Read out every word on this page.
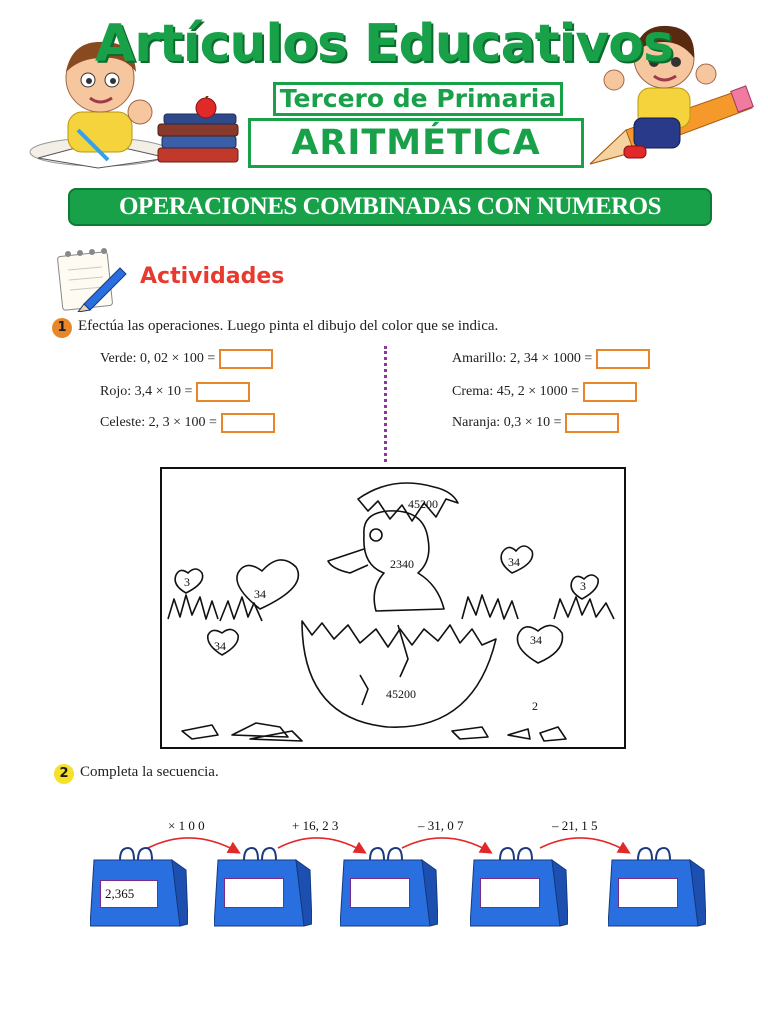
Artículos Educativos
Tercero de Primaria
ARITMÉTICA
OPERACIONES COMBINADAS CON NUMEROS DECIMALES
Actividades
1 Efectúa las operaciones. Luego pinta el dibujo del color que se indica.
Verde: 0, 02 × 100 =
Rojo: 3,4 × 10 =
Celeste: 2, 3 × 100 =
Amarillo: 2, 34 × 1000 =
Crema: 45, 2 × 1000 =
Naranja: 0,3 × 10 =
45200
2340
45200
34
3
34
34
3
34
2
2 Completa la secuencia.
× 1 0 0	+ 16, 2 3	– 31, 0 7	– 21, 1 5
2,365
